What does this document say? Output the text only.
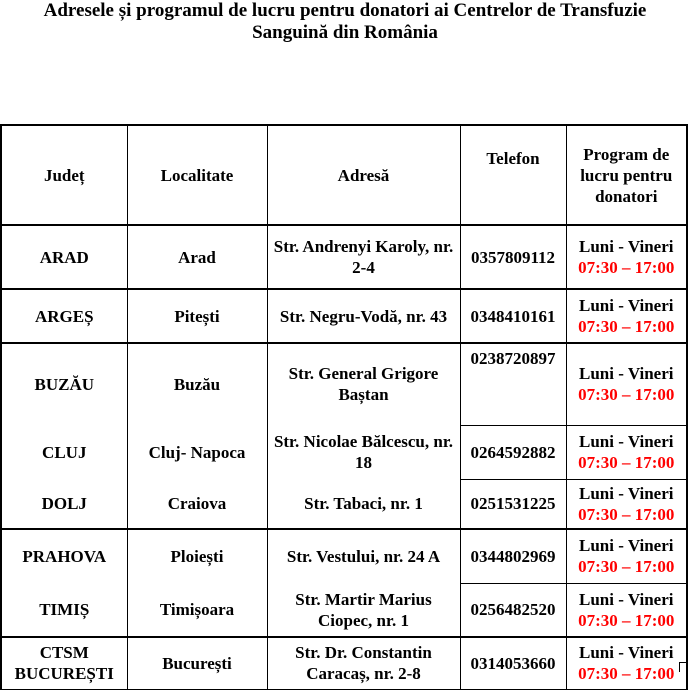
Adresele și programul de lucru pentru donatori ai Centrelor de Transfuzie
Sanguină din România
Județ	Localitate	Adresă	Telefon	Program de lucru pentru donatori
ARAD	Arad	Str. Andrenyi Karoly, nr. 2-4	0357809112	Luni - Vineri
07:30 – 17:00

ARGEȘ	Pitești	Str. Negru-Vodă, nr. 43	0348410161	Luni - Vineri
07:30 – 17:00

BUZĂU	Buzău	Str. General Grigore Baștan	0238720897	Luni - Vineri
07:30 – 17:00

CLUJ	Cluj- Napoca	Str. Nicolae Bălcescu, nr. 18	0264592882	Luni - Vineri
07:30 – 17:00

DOLJ	Craiova	Str. Tabaci, nr. 1	0251531225	Luni - Vineri
07:30 – 17:00

PRAHOVA	Ploiești	Str. Vestului, nr. 24 A	0344802969	Luni - Vineri
07:30 – 17:00

TIMIȘ	Timișoara	Str. Martir Marius Ciopec, nr. 1	0256482520	Luni - Vineri
07:30 – 17:00

CTSM BUCUREȘTI	București	Str. Dr. Constantin Caracaș, nr. 2-8	0314053660	Luni - Vineri
07:30 – 17:00
